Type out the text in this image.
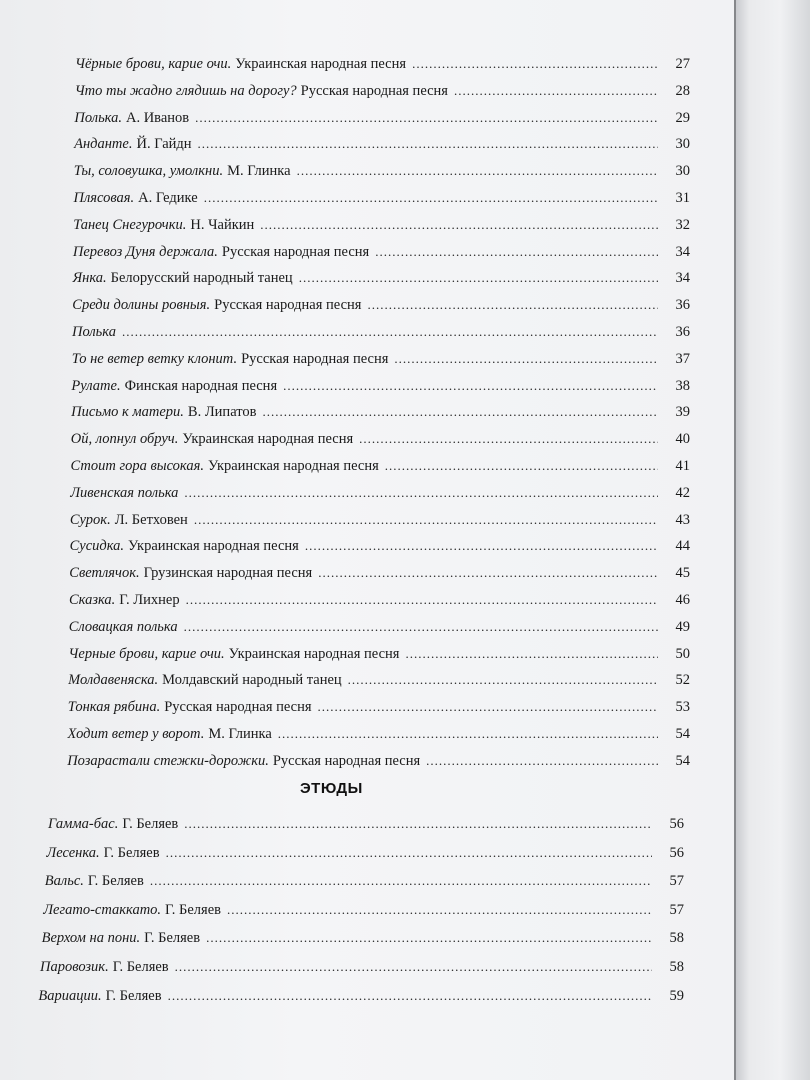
Чёрные брови, карие очи. Украинская народная песня .....	27
Что ты жадно глядишь на дорогу? Русская народная песня .....	28
Полька. А. Иванов .....	29
Анданте. Й. Гайдн .....	30
Ты, соловушка, умолкни. М. Глинка .....	30
Плясовая. А. Гедике .....	31
Танец Снегурочки. Н. Чайкин .....	32
Перевоз Дуня держала. Русская народная песня .....	34
Янка. Белорусский народный танец .....	34
Среди долины ровныя. Русская народная песня .....	36
Полька .....	36
То не ветер ветку клонит. Русская народная песня .....	37
Рулате. Финская народная песня .....	38
Письмо к матери. В. Липатов .....	39
Ой, лопнул обруч. Украинская народная песня .....	40
Стоит гора высокая. Украинская народная песня .....	41
Ливенская полька .....	42
Сурок. Л. Бетховен .....	43
Сусидка. Украинская народная песня .....	44
Светлячок. Грузинская народная песня .....	45
Сказка. Г. Лихнер .....	46
Словацкая полька .....	49
Черные брови, карие очи. Украинская народная песня .....	50
Молдавеняска. Молдавский народный танец .....	52
Тонкая рябина. Русская народная песня .....	53
Ходит ветер у ворот. М. Глинка .....	54
Позарастали стежки-дорожки. Русская народная песня .....	54
ЭТЮДЫ
Гамма-бас. Г. Беляев .....	56
Лесенка. Г. Беляев .....	56
Вальс. Г. Беляев .....	57
Легато-стаккато. Г. Беляев .....	57
Верхом на пони. Г. Беляев .....	58
Паровозик. Г. Беляев .....	58
Вариации. Г. Беляев .....	59
